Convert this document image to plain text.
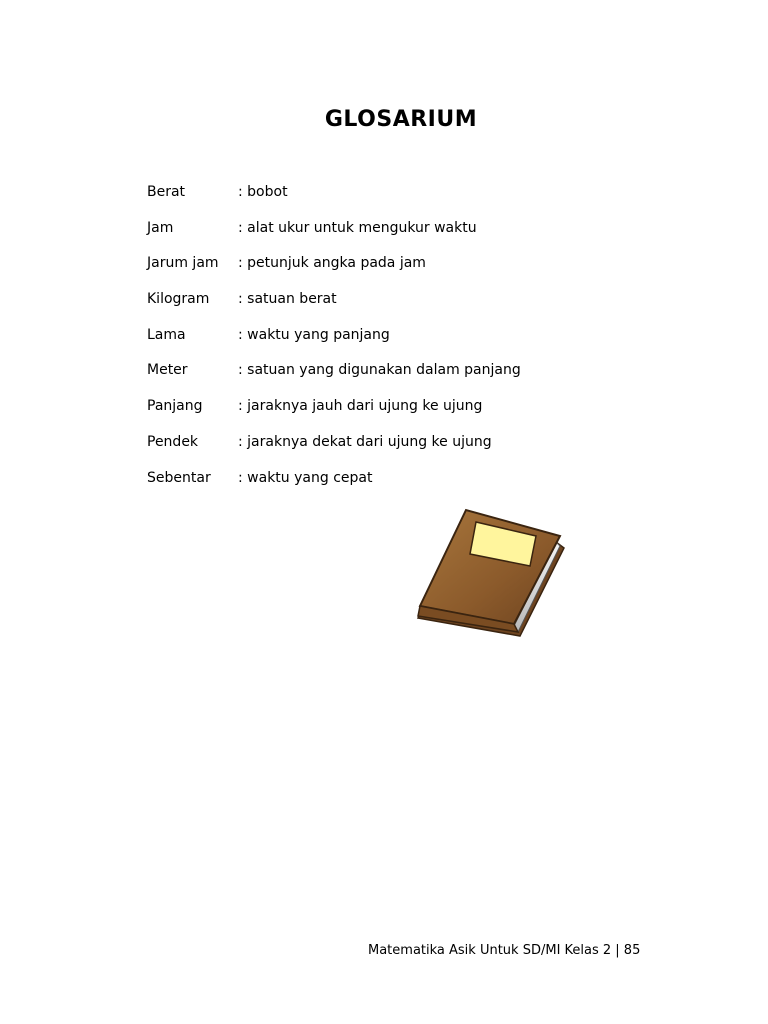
GLOSARIUM
Berat	: bobot
Jam	: alat ukur untuk mengukur waktu
Jarum jam	: petunjuk angka pada jam
Kilogram	: satuan berat
Lama	: waktu yang panjang
Meter	: satuan yang digunakan dalam panjang
Panjang	: jaraknya jauh dari ujung ke ujung
Pendek	: jaraknya dekat dari ujung ke ujung
Sebentar	: waktu yang cepat
Matematika Asik Untuk SD/MI Kelas 2 | 85
